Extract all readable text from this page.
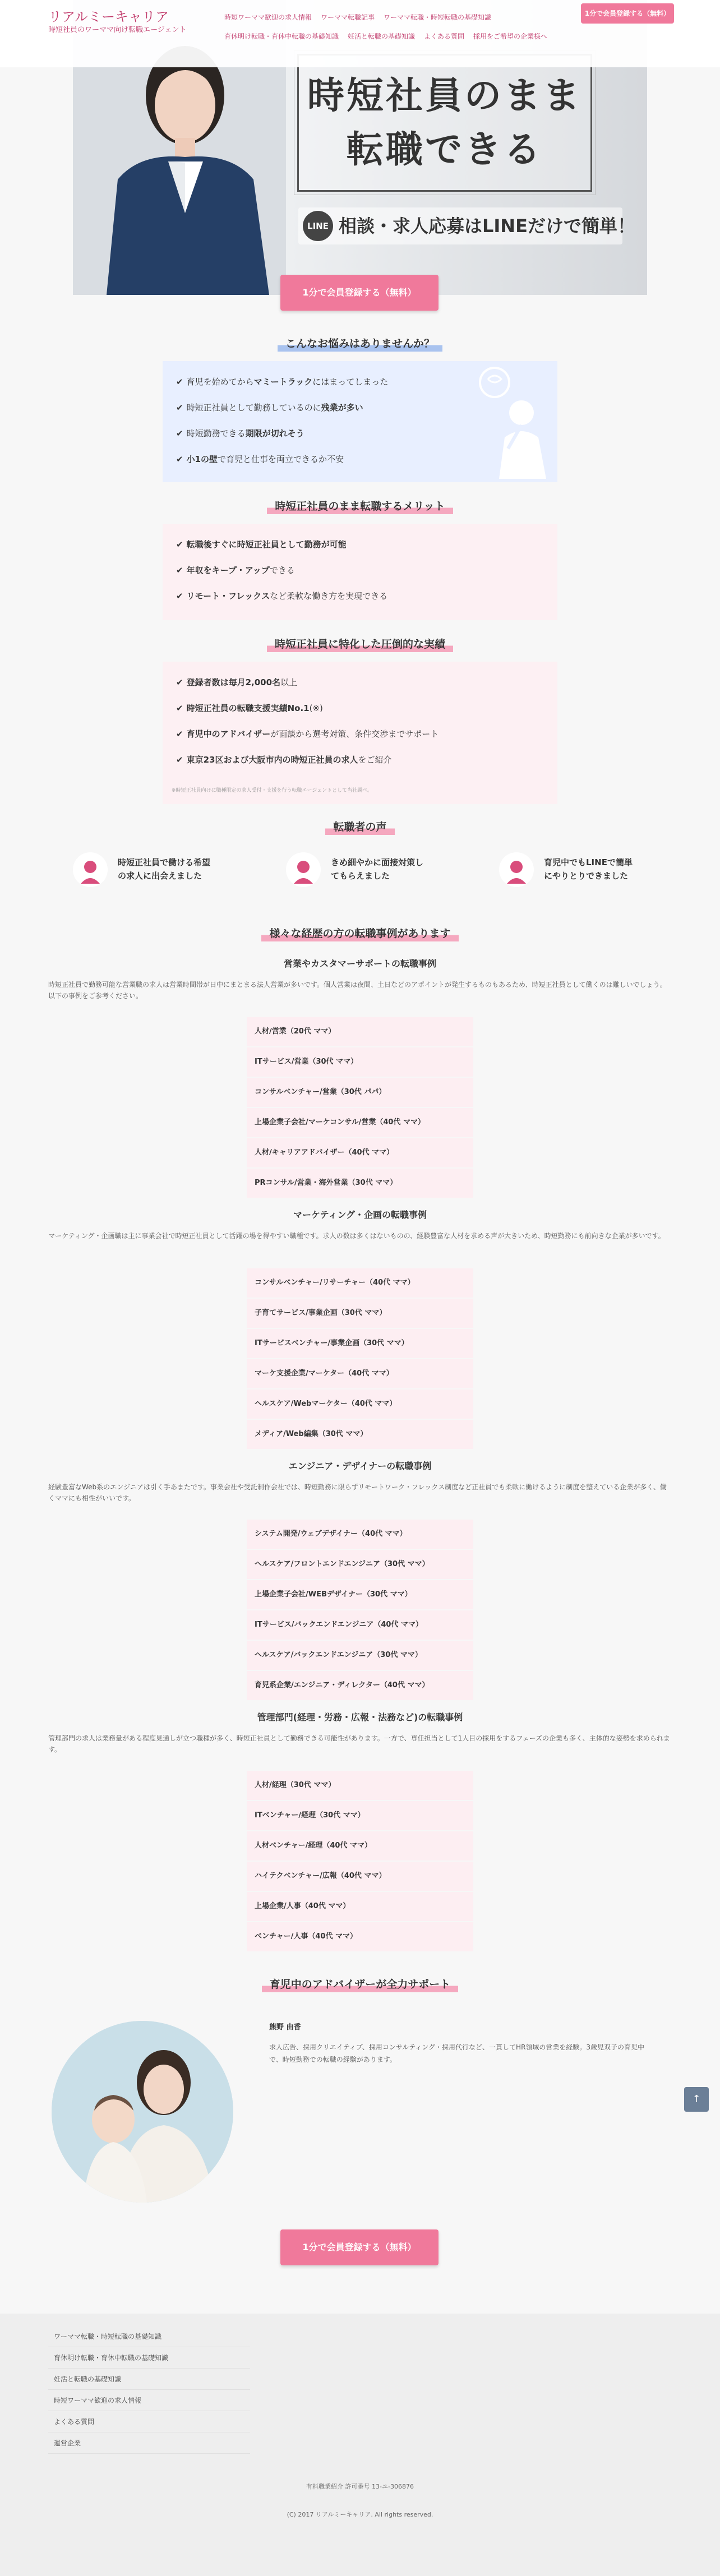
時短社員のまま
転職できる
LINE 相談・求人応募はLINEだけで簡単！
リアルミーキャリア
時短社員のワーママ向け転職エージェント
時短ワーママ歓迎の求人情報 ワーママ転職記事 ワーママ転職・時短転職の基礎知識育休明け転職・育休中転職の基礎知識 妊活と転職の基礎知識 よくある質問 採用をご希望の企業様へ
1分で会員登録する（無料）
1分で会員登録する（無料）
こんなお悩みはありませんか？
✔ 育児を始めてからマミートラックにはまってしまった
✔ 時短正社員として勤務しているのに残業が多い
✔ 時短勤務できる期限が切れそう
✔ 小1の壁で育児と仕事を両立できるか不安
時短正社員のまま転職するメリット
✔ 転職後すぐに時短正社員として勤務が可能
✔ 年収をキープ・アップできる
✔ リモート・フレックスなど柔軟な働き方を実現できる
時短正社員に特化した圧倒的な実績
✔ 登録者数は毎月2,000名以上
✔ 時短正社員の転職支援実績No.1(※)
✔ 育児中のアドバイザーが面談から選考対策、条件交渉までサポート
✔ 東京23区および大阪市内の時短正社員の求人をご紹介
※時短正社員向けに職種限定の求人受付・支援を行う転職エージェントとして当社調べ。
転職者の声
時短正社員で働ける希望
の求人に出会えました
きめ細やかに面接対策し
てもらえました
育児中でもLINEで簡単
にやりとりできました
様々な経歴の方の転職事例があります
営業やカスタマーサポートの転職事例
時短正社員で勤務可能な営業職の求人は営業時間帯が日中にまとまる法人営業が多いです。個人営業は夜間、土日などのアポイントが発生するものもあるため、時短正社員として働くのは難しいでしょう。以下の事例をご参考ください。
人材/営業（20代 ママ）
ITサービス/営業（30代 ママ）
コンサルベンチャー/営業（30代 パパ）
上場企業子会社/マーケコンサル/営業（40代 ママ）
人材/キャリアアドバイザー（40代 ママ）
PRコンサル/営業・海外営業（30代 ママ）
マーケティング・企画の転職事例
マーケティング・企画職は主に事業会社で時短正社員として活躍の場を得やすい職種です。求人の数は多くはないものの、経験豊富な人材を求める声が大きいため、時短勤務にも前向きな企業が多いです。
コンサルベンチャー/リサーチャー（40代 ママ）
子育てサービス/事業企画（30代 ママ）
ITサービスベンチャー/事業企画（30代 ママ）
マーケ支援企業/マーケター（40代 ママ）
ヘルスケア/Webマーケター（40代 ママ）
メディア/Web編集（30代 ママ）
エンジニア・デザイナーの転職事例
経験豊富なWeb系のエンジニアは引く手あまたです。事業会社や受託制作会社では、時短勤務に限らずリモートワーク・フレックス制度など正社員でも柔軟に働けるように制度を整えている企業が多く、働くママにも相性がいいです。
システム開発/ウェブデザイナー（40代 ママ）
ヘルスケア/フロントエンドエンジニア（30代 ママ）
上場企業子会社/WEBデザイナー（30代 ママ）
ITサービス/バックエンドエンジニア（40代 ママ）
ヘルスケア/バックエンドエンジニア（30代 ママ）
育児系企業/エンジニア・ディレクター（40代 ママ）
管理部門(経理・労務・広報・法務など)の転職事例
管理部門の求人は業務量がある程度見通しが立つ職種が多く、時短正社員として勤務できる可能性があります。一方で、専任担当として1人目の採用をするフェーズの企業も多く、主体的な姿勢を求められます。
人材/経理（30代 ママ）
ITベンチャー/経理（30代 ママ）
人材ベンチャー/経理（40代 ママ）
ハイテクベンチャー/広報（40代 ママ）
上場企業/人事（40代 ママ）
ベンチャー/人事（40代 ママ）
育児中のアドバイザーが全力サポート
熊野 由香
求人広告、採用クリエイティブ、採用コンサルティング・採用代行など、一貫してHR領域の営業を経験。3歳児双子の育児中で、時短勤務での転職の経験があります。
↑
1分で会員登録する（無料）
ワーママ転職・時短転職の基礎知識
育休明け転職・育休中転職の基礎知識
妊活と転職の基礎知識
時短ワーママ歓迎の求人情報
よくある質問
運営企業
有料職業紹介 許可番号 13-ユ-306876
(C) 2017 リアルミーキャリア. All rights reserved.
